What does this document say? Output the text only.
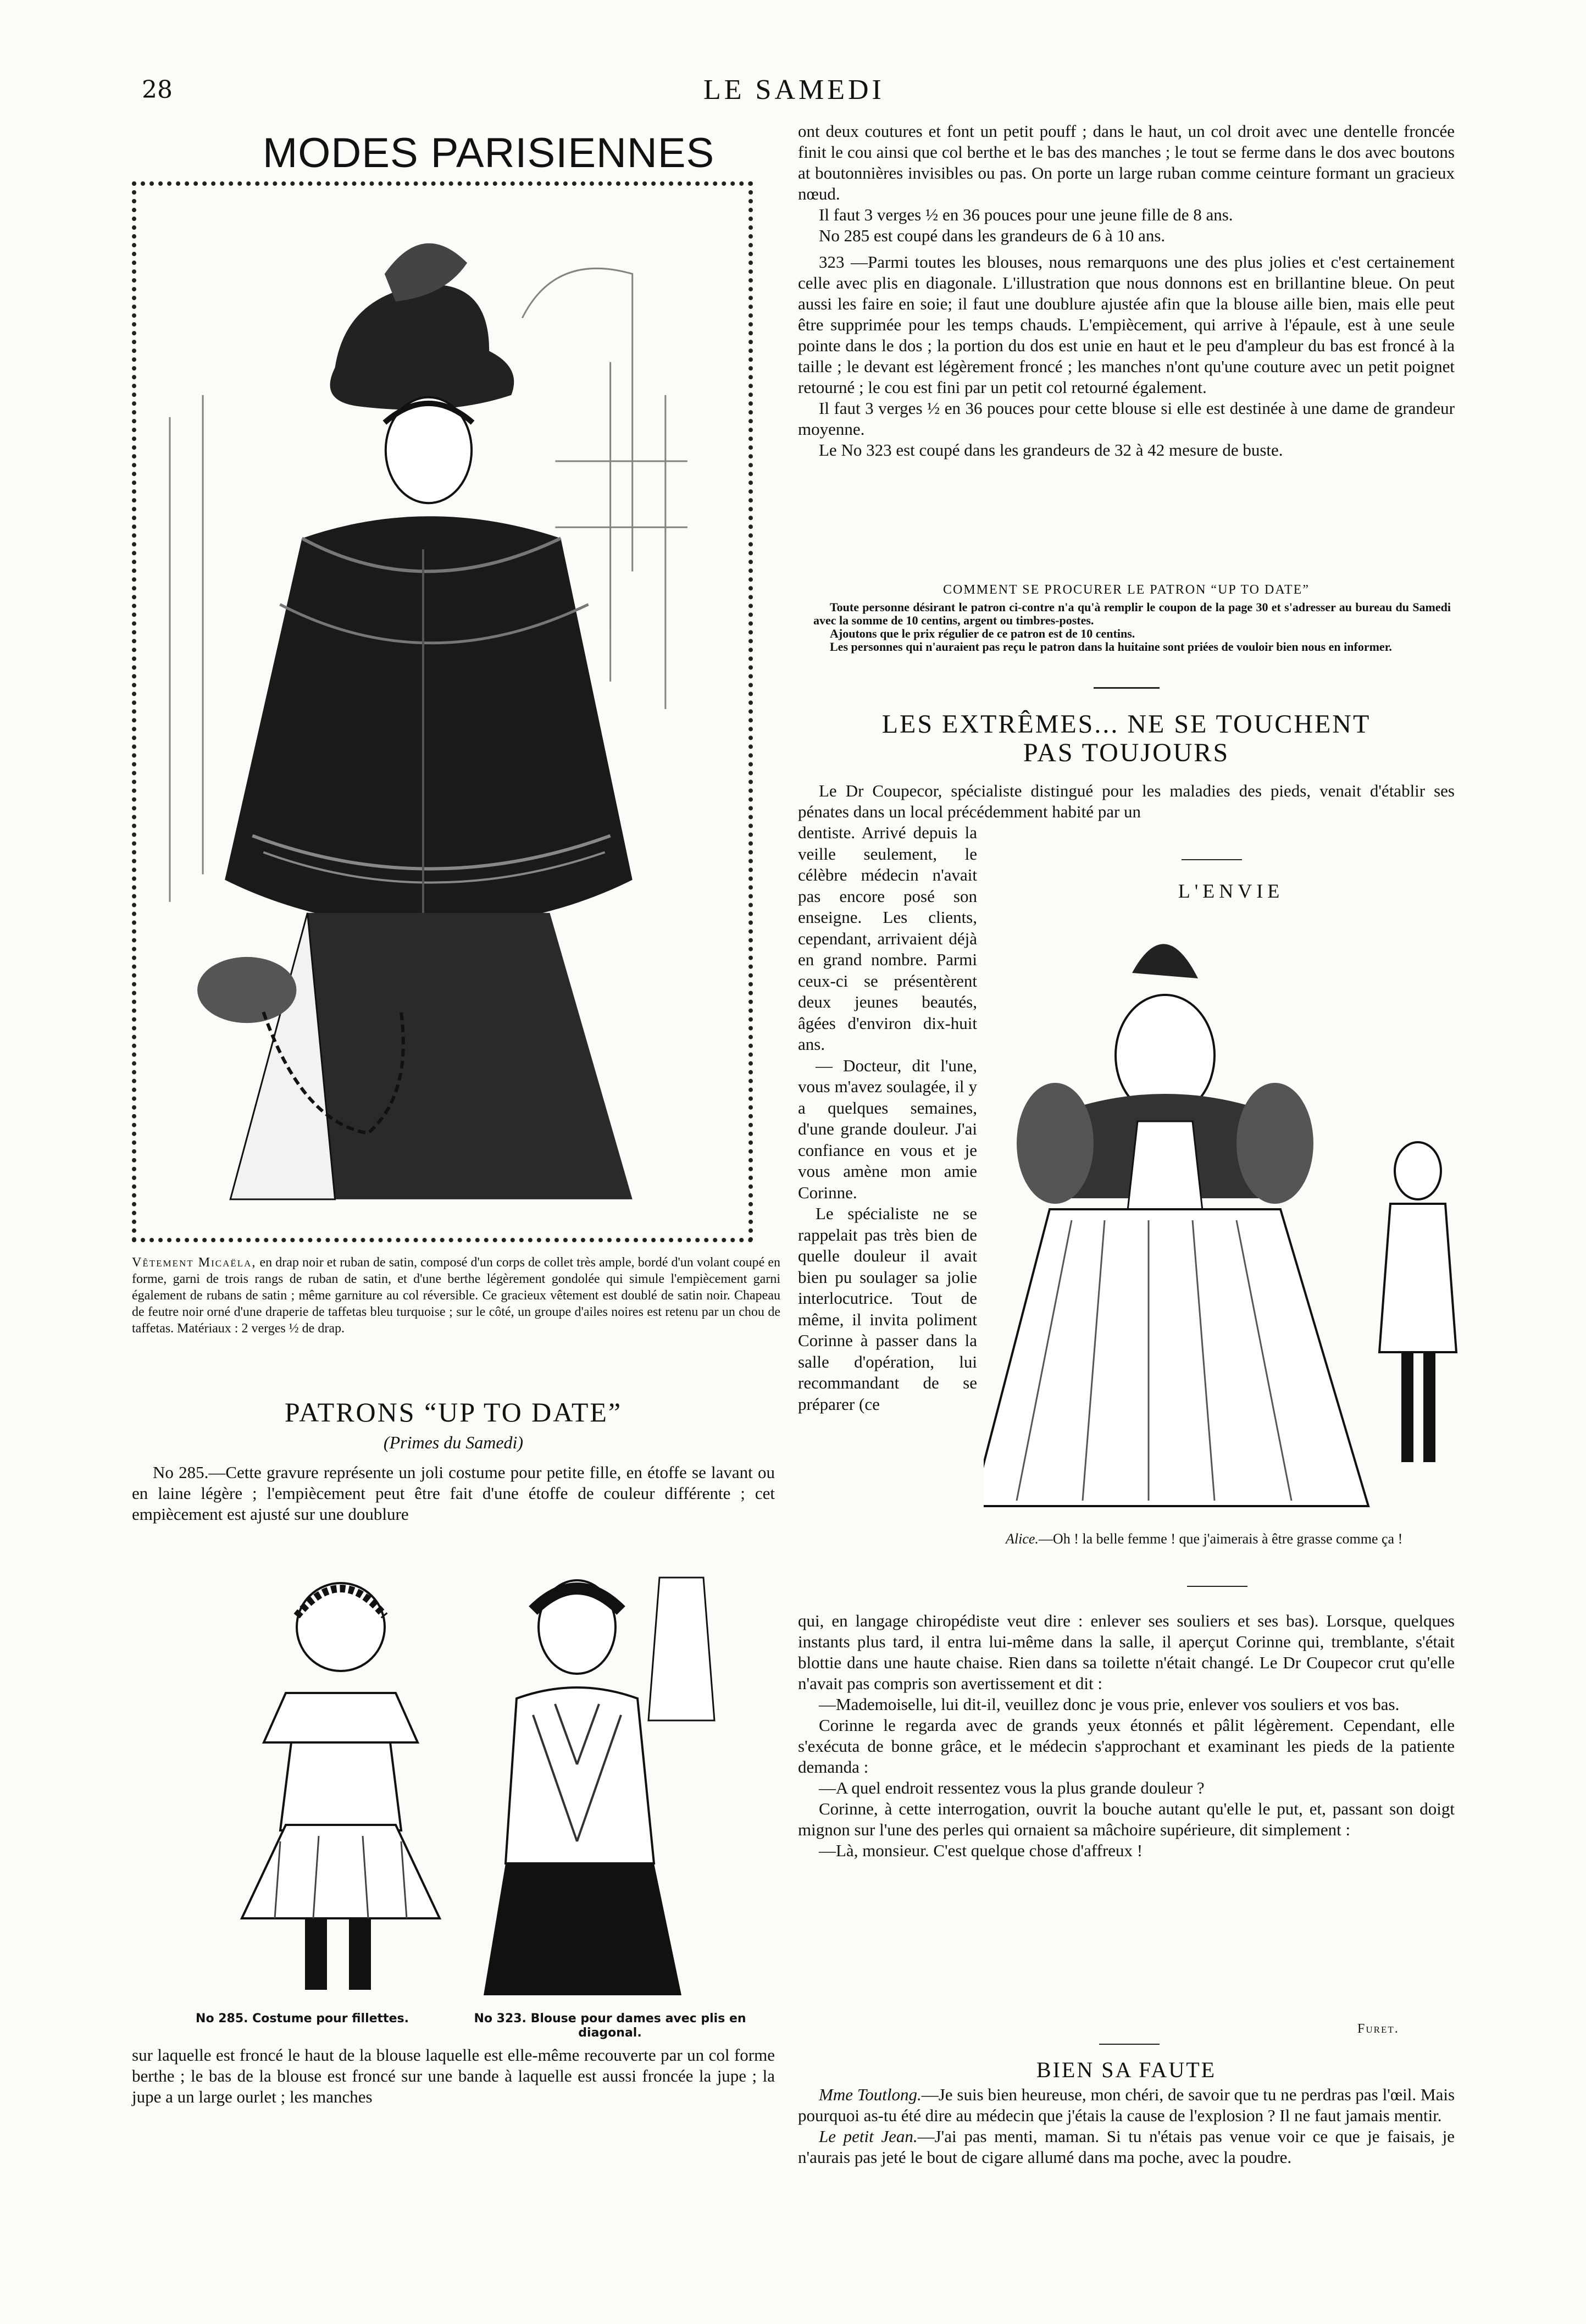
28	LE SAMEDI
MODES PARISIENNES
Vêtement Micaëla, en drap noir et ruban de satin, composé d'un corps de collet très ample, bordé d'un volant coupé en forme, garni de trois rangs de ruban de satin, et d'une berthe légèrement gondolée qui simule l'empiècement garni également de rubans de satin ; même garniture au col réversible. Ce gracieux vêtement est doublé de satin noir. Chapeau de feutre noir orné d'une draperie de taffetas bleu turquoise ; sur le côté, un groupe d'ailes noires est retenu par un chou de taffetas. Matériaux : 2 verges ½ de drap.
PATRONS “UP TO DATE”
(Primes du Samedi)

No 285.—Cette gravure représente un joli costume pour petite fille, en étoffe se lavant ou en laine légère ; l'empiècement peut être fait d'une étoffe de couleur différente ; cet empiècement est ajusté sur une doublure

No 285. Costume pour fillettes.	No 323. Blouse pour dames avec plis en diagonal.

sur laquelle est froncé le haut de la blouse laquelle est elle-même recouverte par un col forme berthe ; le bas de la blouse est froncé sur une bande à laquelle est aussi froncée la jupe ; la jupe a un large ourlet ; les manches

ont deux coutures et font un petit pouff ; dans le haut, un col droit avec une dentelle froncée finit le cou ainsi que col berthe et le bas des manches ; le tout se ferme dans le dos avec boutons at boutonnières invisibles ou pas. On porte un large ruban comme ceinture formant un gracieux nœud.

Il faut 3 verges ½ en 36 pouces pour une jeune fille de 8 ans.

No 285 est coupé dans les grandeurs de 6 à 10 ans.

323 —Parmi toutes les blouses, nous remarquons une des plus jolies et c'est certainement celle avec plis en diagonale. L'illustration que nous donnons est en brillantine bleue. On peut aussi les faire en soie; il faut une doublure ajustée afin que la blouse aille bien, mais elle peut être supprimée pour les temps chauds. L'empiècement, qui arrive à l'épaule, est à une seule pointe dans le dos ; la portion du dos est unie en haut et le peu d'ampleur du bas est froncé à la taille ; le devant est légèrement froncé ; les manches n'ont qu'une couture avec un petit poignet retourné ; le cou est fini par un petit col retourné également.

Il faut 3 verges ½ en 36 pouces pour cette blouse si elle est destinée à une dame de grandeur moyenne.

Le No 323 est coupé dans les grandeurs de 32 à 42 mesure de buste.

COMMENT SE PROCURER LE PATRON “UP TO DATE”

Toute personne désirant le patron ci-contre n'a qu'à remplir le coupon de la page 30 et s'adresser au bureau du Samedi avec la somme de 10 centins, argent ou timbres-postes.

Ajoutons que le prix régulier de ce patron est de 10 centins.

Les personnes qui n'auraient pas reçu le patron dans la huitaine sont priées de vouloir bien nous en informer.

LES EXTRÊMES... NE SE TOUCHENT
PAS TOUJOURS

Le Dr Coupecor, spécialiste distingué pour les maladies des pieds, venait d'établir ses pénates dans un local précédemment habité par un

dentiste. Arrivé depuis la veille seulement, le célèbre médecin n'avait pas encore posé son enseigne. Les clients, cependant, arrivaient déjà en grand nombre. Parmi ceux-ci se présentèrent deux jeunes beautés, âgées d'environ dix-huit ans.

— Docteur, dit l'une, vous m'avez soulagée, il y a quelques semaines, d'une grande douleur. J'ai confiance en vous et je vous amène mon amie Corinne.

Le spécialiste ne se rappelait pas très bien de quelle douleur il avait bien pu soulager sa jolie interlocutrice. Tout de même, il invita poliment Corinne à passer dans la salle d'opération, lui recommandant de se préparer (ce

L'ENVIE
Alice.—Oh ! la belle femme ! que j'aimerais à être grasse comme ça !

qui, en langage chiropédiste veut dire : enlever ses souliers et ses bas). Lorsque, quelques instants plus tard, il entra lui-même dans la salle, il aperçut Corinne qui, tremblante, s'était blottie dans une haute chaise. Rien dans sa toilette n'était changé. Le Dr Coupecor crut qu'elle n'avait pas compris son avertissement et dit :

—Mademoiselle, lui dit-il, veuillez donc je vous prie, enlever vos souliers et vos bas.

Corinne le regarda avec de grands yeux étonnés et pâlit légèrement. Cependant, elle s'exécuta de bonne grâce, et le médecin s'approchant et examinant les pieds de la patiente demanda :

—A quel endroit ressentez vous la plus grande douleur ?

Corinne, à cette interrogation, ouvrit la bouche autant qu'elle le put, et, passant son doigt mignon sur l'une des perles qui ornaient sa mâchoire supérieure, dit simplement :

—Là, monsieur. C'est quelque chose d'affreux !

Furet.
BIEN SA FAUTE

Mme Toutlong.—Je suis bien heureuse, mon chéri, de savoir que tu ne perdras pas l'œil. Mais pourquoi as-tu été dire au médecin que j'étais la cause de l'explosion ? Il ne faut jamais mentir.

Le petit Jean.—J'ai pas menti, maman. Si tu n'étais pas venue voir ce que je faisais, je n'aurais pas jeté le bout de cigare allumé dans ma poche, avec la poudre.
